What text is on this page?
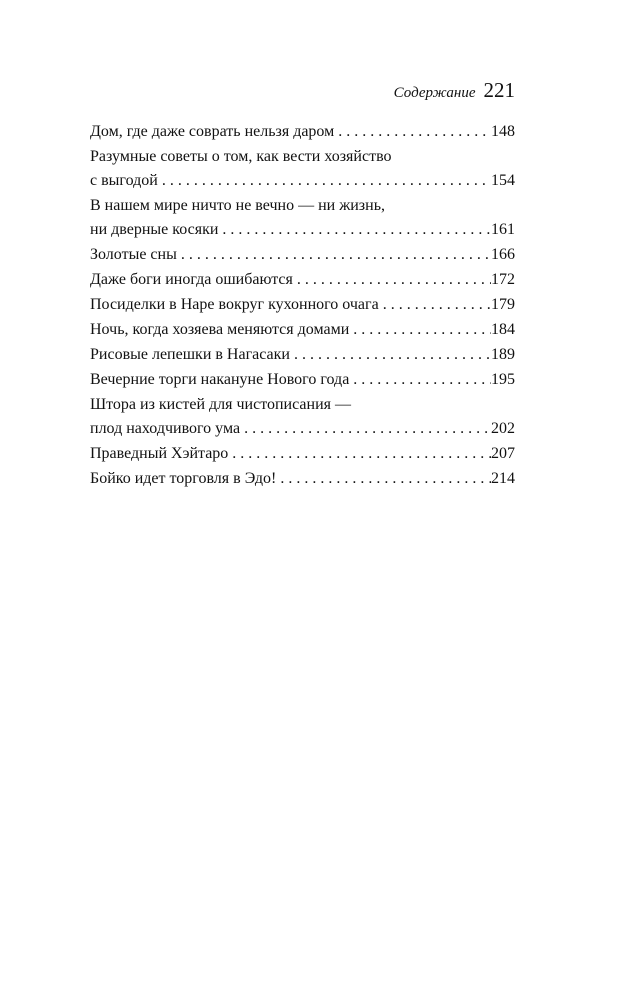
Содержание 221
Дом, где даже соврать нельзя даром . . .	148
Разумные советы о том, как вести хозяйство
с выгодой . . .	154
В нашем мире ничто не вечно — ни жизнь,
ни дверные косяки . . .	161
Золотые сны . . .	166
Даже боги иногда ошибаются . . .	172
Посиделки в Наре вокруг кухонного очага . . .	179
Ночь, когда хозяева меняются домами . . .	184
Рисовые лепешки в Нагасаки . . .	189
Вечерние торги накануне Нового года . . .	195
Штора из кистей для чистописания —
плод находчивого ума . . .	202
Праведный Хэйтаро . . .	207
Бойко идет торговля в Эдо! . . .	214
